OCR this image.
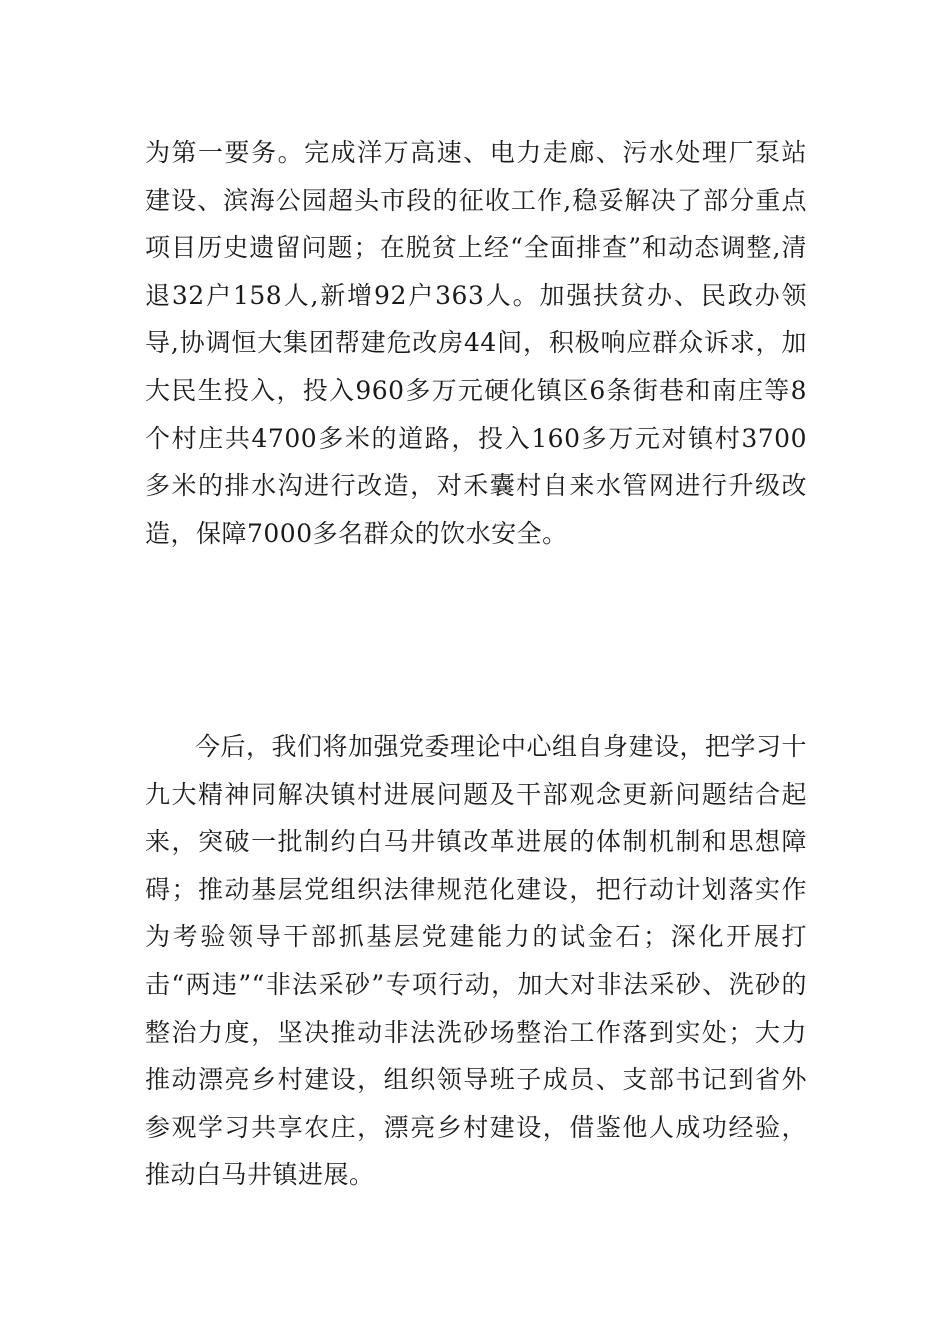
为第一要务。完成洋万高速、电力走廊、污水处理厂泵站建设、滨海公园超头市段的征收工作,稳妥解决了部分重点项目历史遗留问题；在脱贫上经“全面排查”和动态调整,清退32户158人,新增92户363人。加强扶贫办、民政办领导,协调恒大集团帮建危改房44间，积极响应群众诉求，加大民生投入，投入960多万元硬化镇区6条街巷和南庄等8个村庄共4700多米的道路，投入160多万元对镇村3700多米的排水沟进行改造，对禾囊村自来水管网进行升级改造，保障7000多名群众的饮水安全。

今后，我们将加强党委理论中心组自身建设，把学习十九大精神同解决镇村进展问题及干部观念更新问题结合起来，突破一批制约白马井镇改革进展的体制机制和思想障碍；推动基层党组织法律规范化建设，把行动计划落实作为考验领导干部抓基层党建能力的试金石；深化开展打击“两违”“非法采砂”专项行动，加大对非法采砂、洗砂的整治力度，坚决推动非法洗砂场整治工作落到实处；大力推动漂亮乡村建设，组织领导班子成员、支部书记到省外参观学习共享农庄，漂亮乡村建设，借鉴他人成功经验，推动白马井镇进展。
